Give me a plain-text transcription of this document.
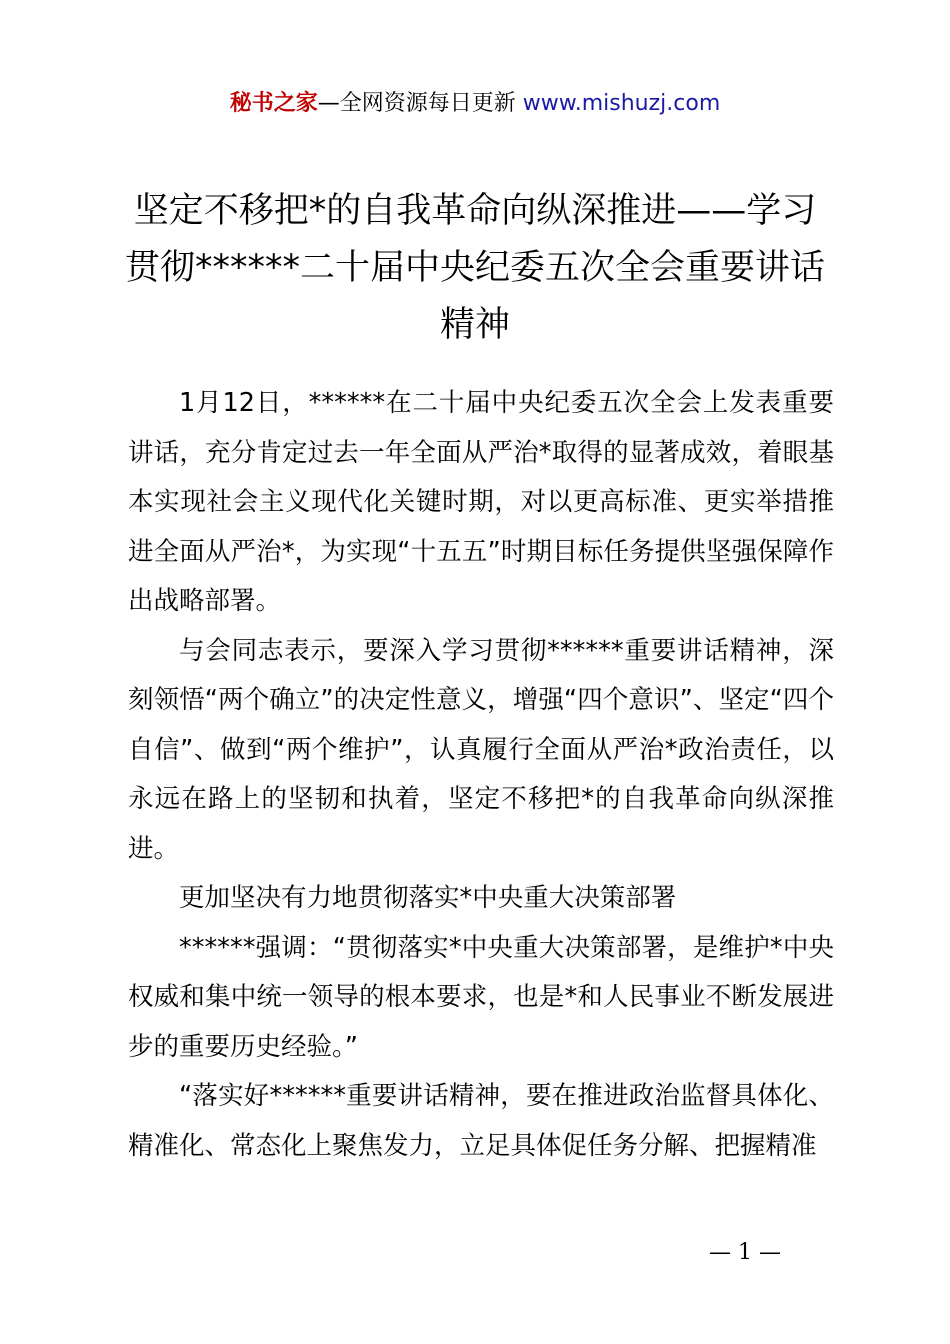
秘书之家—全网资源每日更新 www.mishuzj.com
坚定不移把*的自我革命向纵深推进——学习
贯彻******二十届中央纪委五次全会重要讲话
精神

1月12日，******在二十届中央纪委五次全会上发表重要讲话，充分肯定过去一年全面从严治*取得的显著成效，着眼基本实现社会主义现代化关键时期，对以更高标准、更实举措推进全面从严治*，为实现“十五五”时期目标任务提供坚强保障作出战略部署。

与会同志表示，要深入学习贯彻******重要讲话精神，深刻领悟“两个确立”的决定性意义，增强“四个意识”、坚定“四个自信”、做到“两个维护”，认真履行全面从严治*政治责任，以永远在路上的坚韧和执着，坚定不移把*的自我革命向纵深推进。

更加坚决有力地贯彻落实*中央重大决策部署

******强调：“贯彻落实*中央重大决策部署，是维护*中央权威和集中统一领导的根本要求，也是*和人民事业不断发展进步的重要历史经验。”

“落实好******重要讲话精神，要在推进政治监督具体化、精准化、常态化上聚焦发力，立足具体促任务分解、把握精准

— 1 —
